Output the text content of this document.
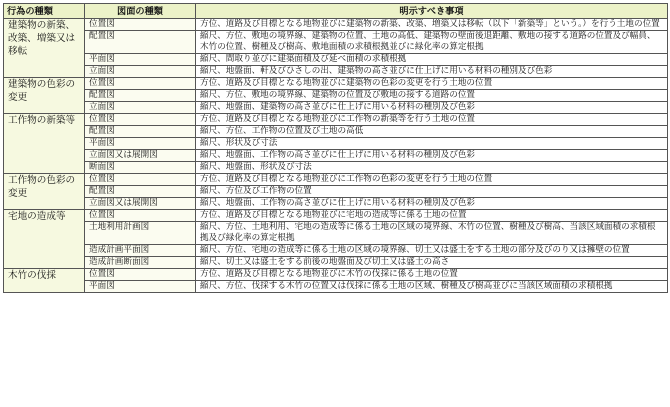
行為の種類	図面の種類	明示すべき事項
建築物の新築、改築、増築又は移転	位置図	方位、道路及び目標となる地物並びに建築物の新築、改築、増築又は移転（以下「新築等」という。）を行う土地の位置
	配置図	縮尺、方位、敷地の境界線、建築物の位置、土地の高低、建築物の壁面後退距離、敷地の接する道路の位置及び幅員、木竹の位置、樹種及び樹高、敷地面積の求積根拠並びに緑化率の算定根拠
	平面図	縮尺、間取り並びに建築面積及び延べ面積の求積根拠
	立面図	縮尺、地盤面、軒及びひさしの出、建築物の高さ並びに仕上げに用いる材料の種別及び色彩
建築物の色彩の変更	位置図	方位、道路及び目標となる地物並びに建築物の色彩の変更を行う土地の位置
	配置図	縮尺、方位、敷地の境界線、建築物の位置及び敷地の接する道路の位置
	立面図	縮尺、地盤面、建築物の高さ並びに仕上げに用いる材料の種別及び色彩
工作物の新築等	位置図	方位、道路及び目標となる地物並びに工作物の新築等を行う土地の位置
	配置図	縮尺、方位、工作物の位置及び土地の高低
	平面図	縮尺、形状及び寸法
	立面図又は展開図	縮尺、地盤面、工作物の高さ並びに仕上げに用いる材料の種別及び色彩
	断面図	縮尺、地盤面、形状及び寸法
工作物の色彩の変更	位置図	方位、道路及び目標となる地物並びに工作物の色彩の変更を行う土地の位置
	配置図	縮尺、方位及び工作物の位置
	立面図又は展開図	縮尺、地盤面、工作物の高さ並びに仕上げに用いる材料の種別及び色彩
宅地の造成等	位置図	方位、道路及び目標となる地物並びに宅地の造成等に係る土地の位置
	土地利用計画図	縮尺、方位、土地利用、宅地の造成等に係る土地の区域の境界線、木竹の位置、樹種及び樹高、当該区域面積の求積根拠及び緑化率の算定根拠
	造成計画平面図	縮尺、方位、宅地の造成等に係る土地の区域の境界線、切土又は盛土をする土地の部分及びのり又は擁壁の位置
	造成計画断面図	縮尺、切土又は盛土をする前後の地盤面及び切土又は盛土の高さ
木竹の伐採	位置図	方位、道路及び目標となる地物並びに木竹の伐採に係る土地の位置
	平面図	縮尺、方位、伐採する木竹の位置又は伐採に係る土地の区域、樹種及び樹高並びに当該区域面積の求積根拠
